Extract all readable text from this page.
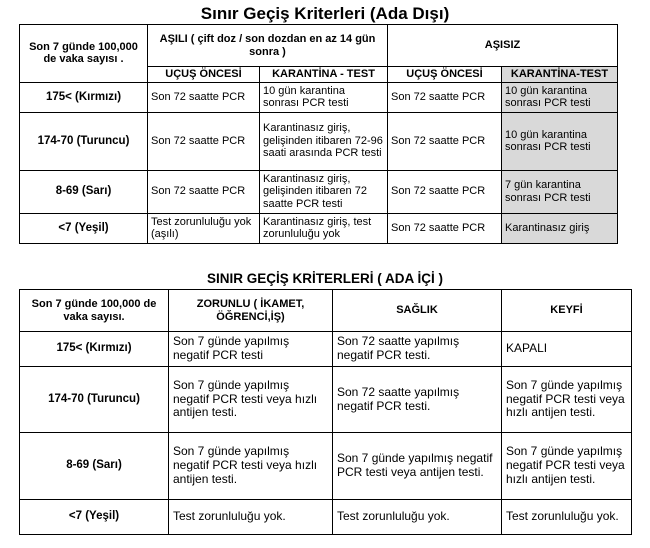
Sınır Geçiş Kriterleri (Ada Dışı)
Son 7 günde 100,000 de vaka sayısı .	AŞILI ( çift doz / son dozdan en az 14 gün sonra )		AŞISIZ	
	UÇUŞ ÖNCESİ	KARANTİNA - TEST	UÇUŞ ÖNCESİ	KARANTİNA-TEST
175< (Kırmızı)	Son 72 saatte PCR	10 gün karantina sonrası PCR testi	Son 72 saatte PCR	10 gün karantina sonrası PCR testi
174-70 (Turuncu)	Son 72 saatte PCR	Karantinasız giriş, gelişinden itibaren 72-96 saati arasında PCR testi	Son 72 saatte PCR	10 gün karantina sonrası PCR testi
8-69 (Sarı)	Son 72 saatte PCR	Karantinasız giriş, gelişinden itibaren 72 saatte PCR testi	Son 72 saatte PCR	7 gün karantina sonrası PCR testi
<7 (Yeşil)	Test zorunluluğu yok (aşılı)	Karantinasız giriş, test zorunluluğu yok	Son 72 saatte PCR	Karantinasız giriş
SINIR GEÇİŞ KRİTERLERİ ( ADA İÇİ )
Son 7 günde 100,000 de vaka sayısı.	ZORUNLU ( İKAMET, ÖĞRENCİ,İŞ)	SAĞLIK	KEYFİ
175< (Kırmızı)	Son 7 günde yapılmış negatif PCR testi	Son 72 saatte yapılmış negatif PCR testi.	KAPALI
174-70 (Turuncu)	Son 7 günde yapılmış negatif PCR testi veya hızlı antijen testi.	Son 72 saatte yapılmış negatif PCR testi.	Son 7 günde yapılmış negatif PCR testi veya hızlı antijen testi.
8-69 (Sarı)	Son 7 günde yapılmış negatif PCR testi veya hızlı antijen testi.	Son 7 günde yapılmış negatif PCR testi veya antijen testi.	Son 7 günde yapılmış negatif PCR testi veya hızlı antijen testi.
<7 (Yeşil)	Test zorunluluğu yok.	Test zorunluluğu yok.	Test zorunluluğu yok.
